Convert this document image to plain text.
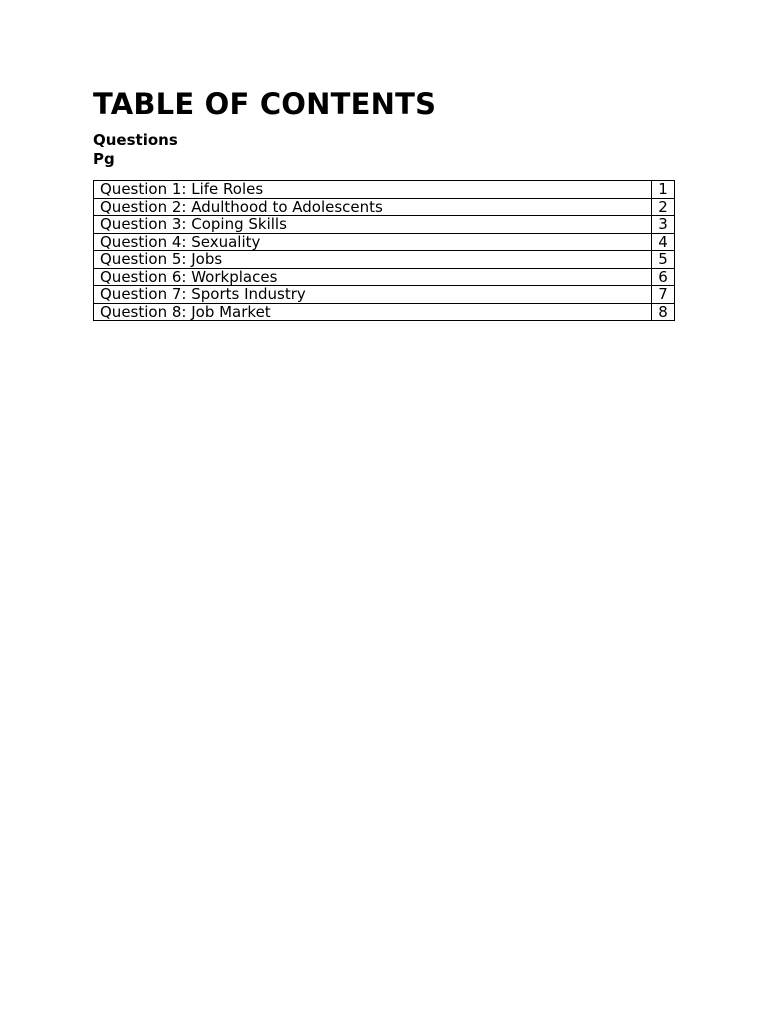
TABLE OF CONTENTS
Questions
Pg
Question 1: Life Roles	1
Question 2: Adulthood to Adolescents	2
Question 3: Coping Skills	3
Question 4: Sexuality	4
Question 5: Jobs	5
Question 6: Workplaces	6
Question 7: Sports Industry	7
Question 8: Job Market	8
